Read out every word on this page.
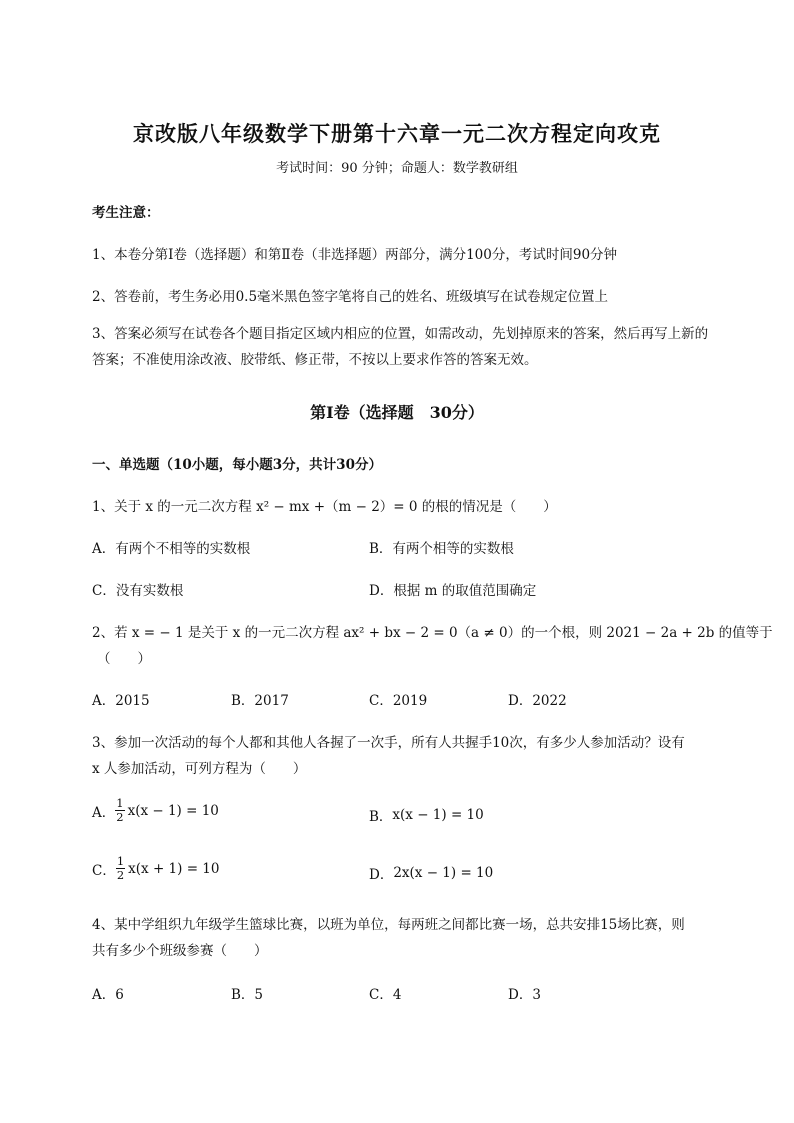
京改版八年级数学下册第十六章一元二次方程定向攻克
考试时间：90 分钟；命题人：数学教研组
考生注意：
1、本卷分第Ⅰ卷（选择题）和第Ⅱ卷（非选择题）两部分，满分100分，考试时间90分钟
2、答卷前，考生务必用0.5毫米黑色签字笔将自己的姓名、班级填写在试卷规定位置上
3、答案必须写在试卷各个题目指定区域内相应的位置，如需改动，先划掉原来的答案，然后再写上新的答案；不准使用涂改液、胶带纸、修正带，不按以上要求作答的答案无效。
第Ⅰ卷（选择题　30分）
一、单选题（10小题，每小题3分，共计30分）
1、关于 x 的一元二次方程 x² − mx +（m − 2）= 0 的根的情况是（　　）
A．有两个不相等的实数根	B．有两个相等的实数根
C．没有实数根	D．根据 m 的取值范围确定
2、若 x = − 1 是关于 x 的一元二次方程 ax² + bx − 2 = 0（a ≠ 0）的一个根，则 2021 − 2a + 2b 的值等于
（　　）
A．2015	B．2017	C．2019	D．2022
3、参加一次活动的每个人都和其他人各握了一次手，所有人共握手10次，有多少人参加活动？设有
x 人参加活动，可列方程为（　　）
A． $\frac{1}{2} x(x - 1) = 10$	B． x(x − 1) = 10
C． $\frac{1}{2} x(x + 1) = 10$	D． 2x(x − 1) = 10
4、某中学组织九年级学生篮球比赛，以班为单位，每两班之间都比赛一场，总共安排15场比赛，则
共有多少个班级参赛（　　）
A．6	B．5	C．4	D．3
